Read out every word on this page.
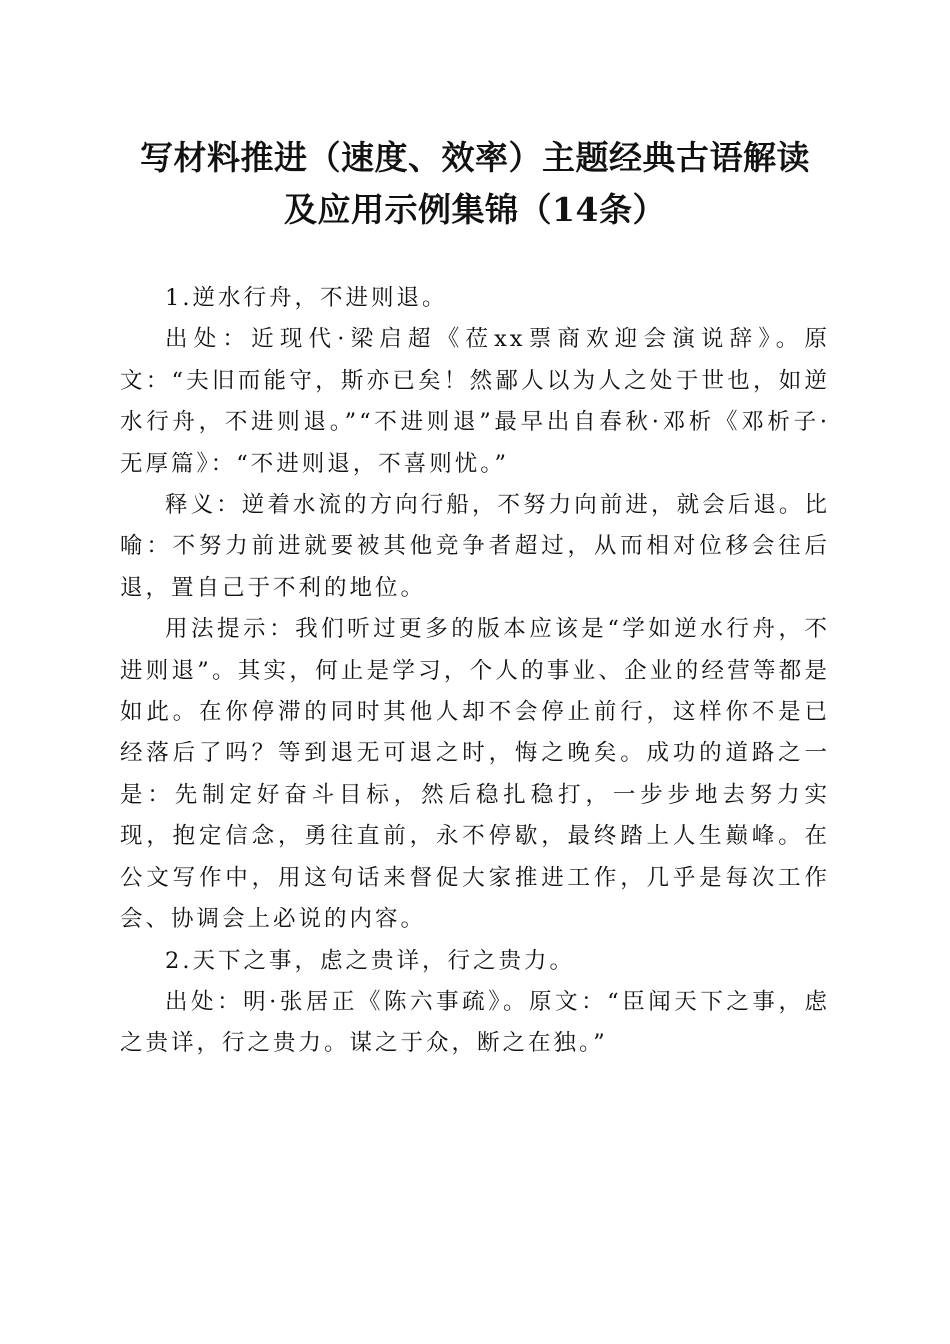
写材料推进（速度、效率）主题经典古语解读
及应用示例集锦（14条）

1.逆水行舟，不进则退。

出处：近现代·梁启超《莅xx票商欢迎会演说辞》。原文：“夫旧而能守，斯亦已矣！然鄙人以为人之处于世也，如逆水行舟，不进则退。”“不进则退”最早出自春秋·邓析《邓析子·无厚篇》：“不进则退，不喜则忧。”

释义：逆着水流的方向行船，不努力向前进，就会后退。比喻：不努力前进就要被其他竞争者超过，从而相对位移会往后退，置自己于不利的地位。

用法提示：我们听过更多的版本应该是“学如逆水行舟，不进则退”。其实，何止是学习，个人的事业、企业的经营等都是如此。在你停滞的同时其他人却不会停止前行，这样你不是已经落后了吗？等到退无可退之时，悔之晚矣。成功的道路之一是：先制定好奋斗目标，然后稳扎稳打，一步步地去努力实现，抱定信念，勇往直前，永不停歇，最终踏上人生巅峰。在公文写作中，用这句话来督促大家推进工作，几乎是每次工作会、协调会上必说的内容。

2.天下之事，虑之贵详，行之贵力。

出处：明·张居正《陈六事疏》。原文：“臣闻天下之事，虑之贵详，行之贵力。谋之于众，断之在独。”
